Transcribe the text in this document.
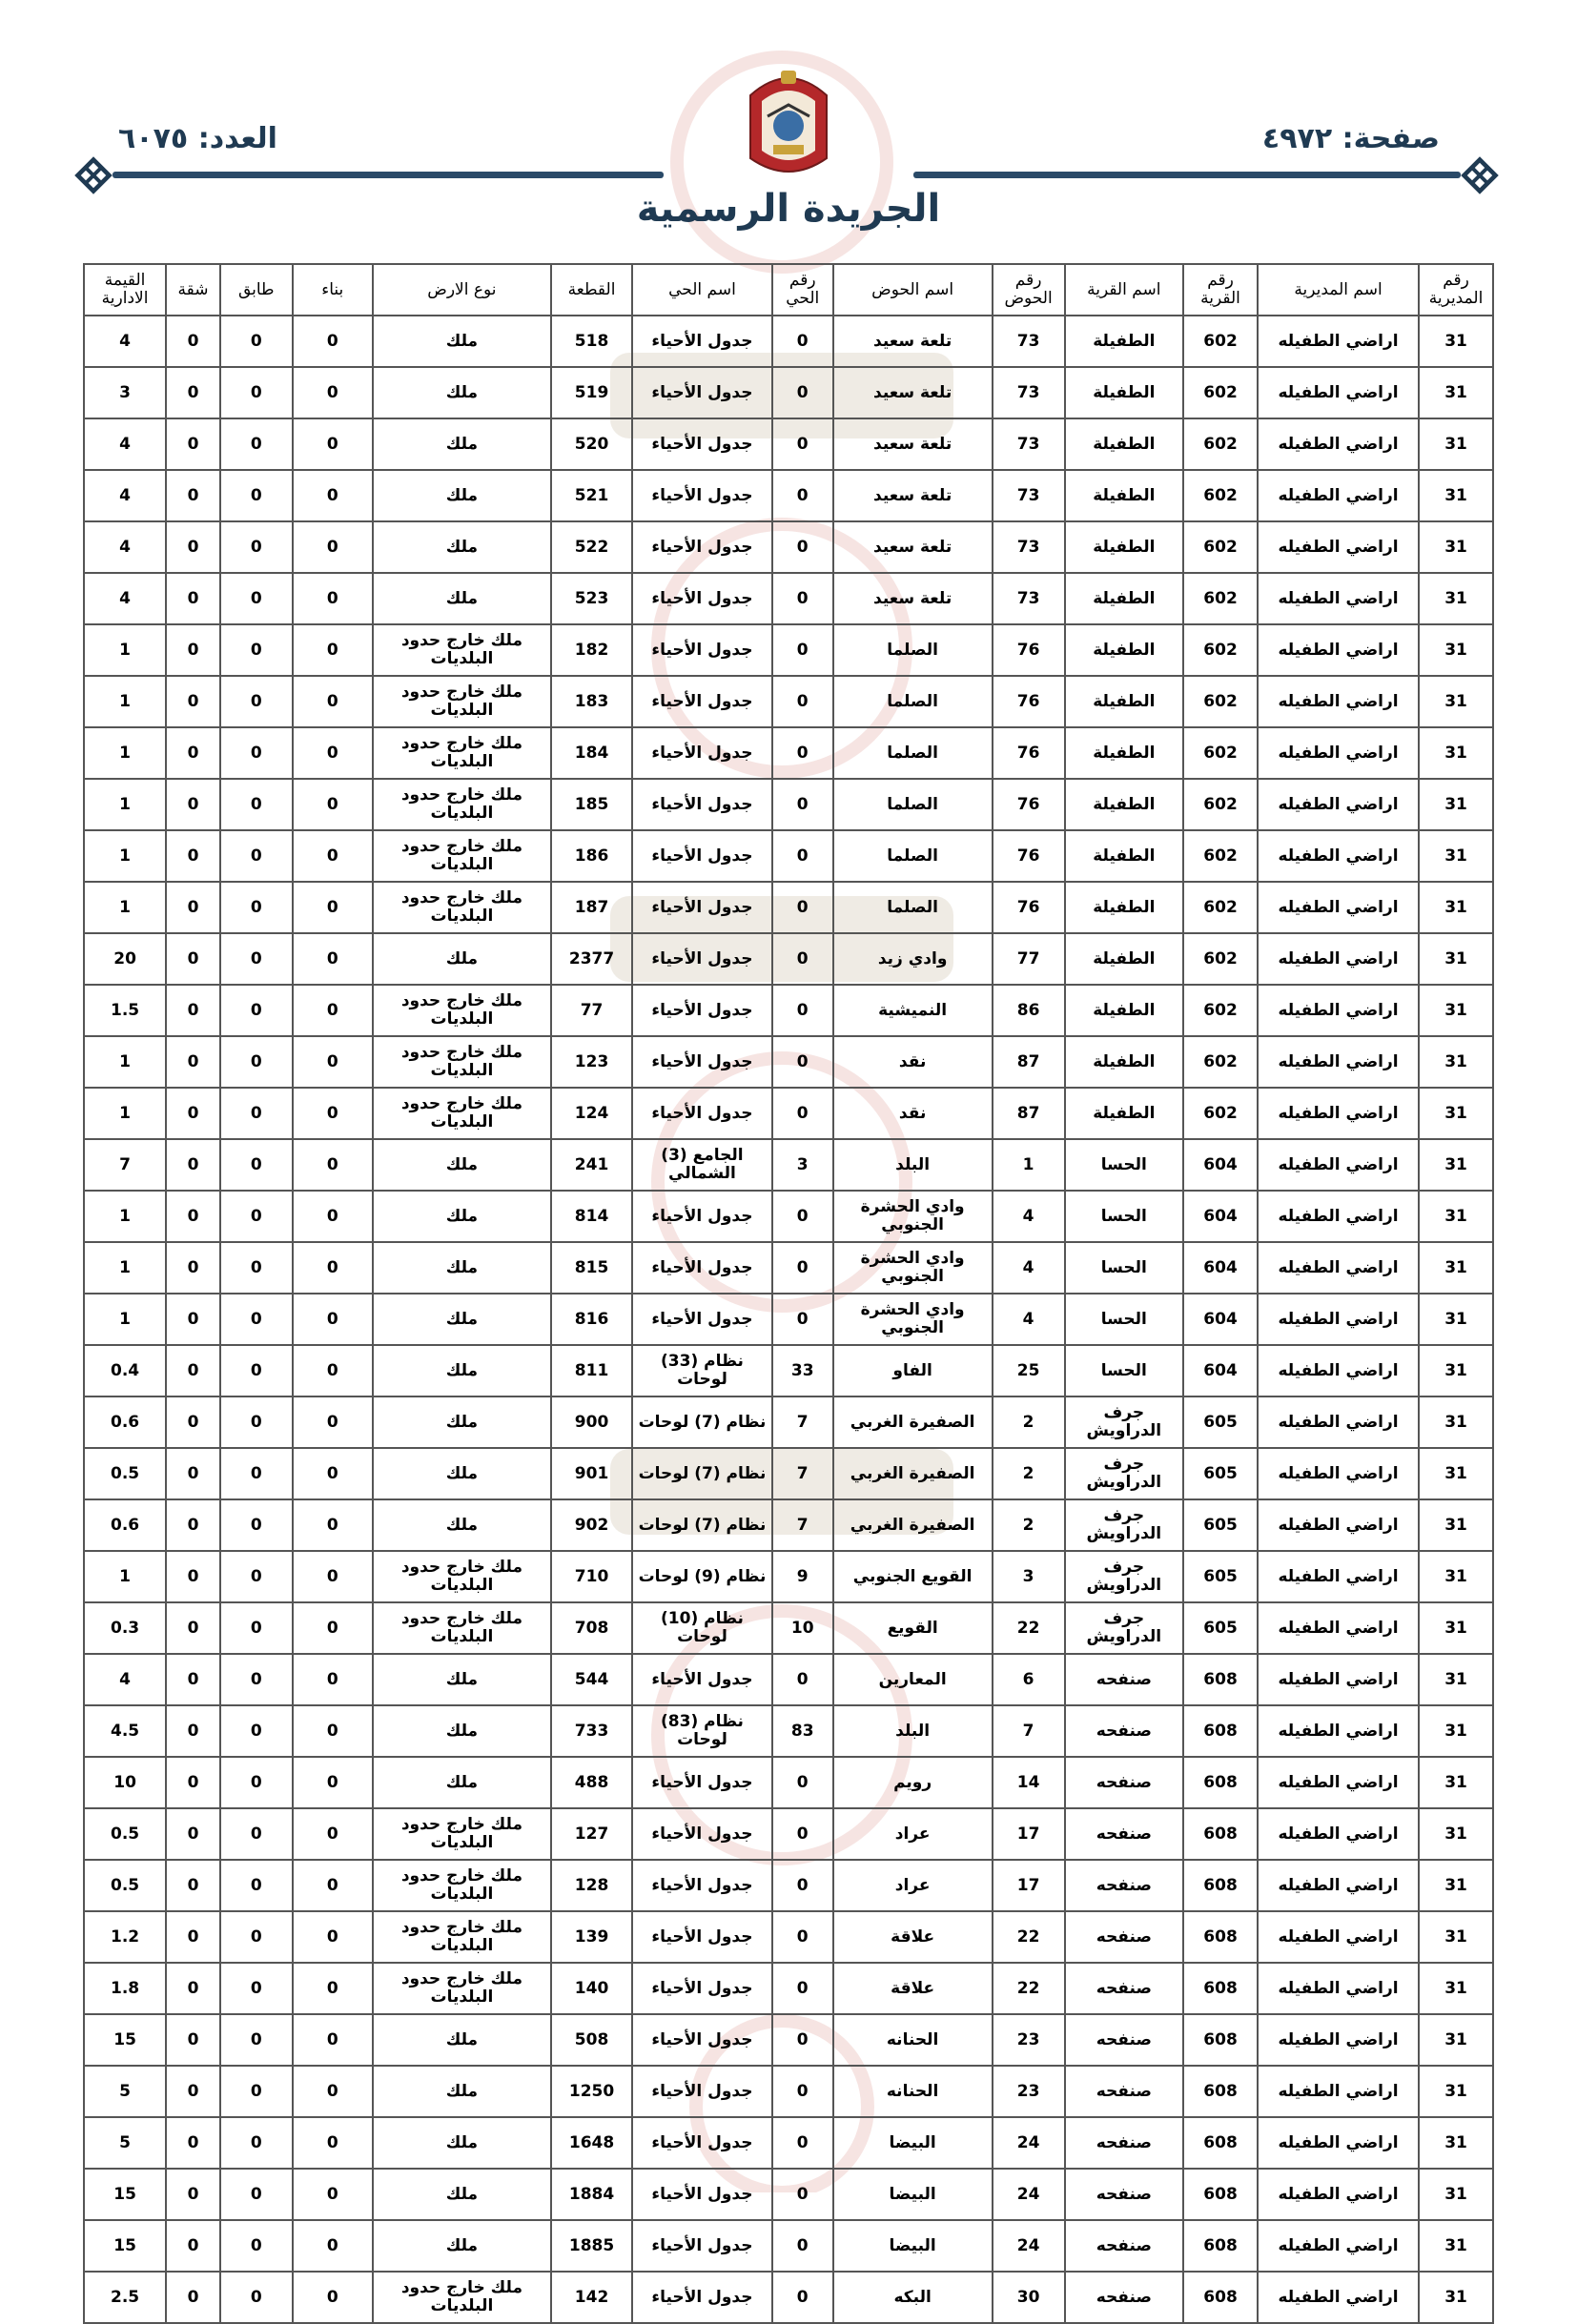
صفحة: ٤٩٧٢
العدد: ٦٠٧٥
الجريدة الرسمية
رقم المديرية	اسم المديرية	رقم القرية	اسم القرية	رقم الحوض	اسم الحوض	رقم الحي	اسم الحي	القطعة	نوع الارض	بناء	طابق	شقة	القيمة الادارية
31	اراضي الطفيله	602	الطفيلة	73	تلعة سعيد	0	جدول الأحياء	518	ملك	0	0	0	4
31	اراضي الطفيله	602	الطفيلة	73	تلعة سعيد	0	جدول الأحياء	519	ملك	0	0	0	3
31	اراضي الطفيله	602	الطفيلة	73	تلعة سعيد	0	جدول الأحياء	520	ملك	0	0	0	4
31	اراضي الطفيله	602	الطفيلة	73	تلعة سعيد	0	جدول الأحياء	521	ملك	0	0	0	4
31	اراضي الطفيله	602	الطفيلة	73	تلعة سعيد	0	جدول الأحياء	522	ملك	0	0	0	4
31	اراضي الطفيله	602	الطفيلة	73	تلعة سعيد	0	جدول الأحياء	523	ملك	0	0	0	4
31	اراضي الطفيله	602	الطفيلة	76	الصلما	0	جدول الأحياء	182	ملك خارج حدود البلديات	0	0	0	1
31	اراضي الطفيله	602	الطفيلة	76	الصلما	0	جدول الأحياء	183	ملك خارج حدود البلديات	0	0	0	1
31	اراضي الطفيله	602	الطفيلة	76	الصلما	0	جدول الأحياء	184	ملك خارج حدود البلديات	0	0	0	1
31	اراضي الطفيله	602	الطفيلة	76	الصلما	0	جدول الأحياء	185	ملك خارج حدود البلديات	0	0	0	1
31	اراضي الطفيله	602	الطفيلة	76	الصلما	0	جدول الأحياء	186	ملك خارج حدود البلديات	0	0	0	1
31	اراضي الطفيله	602	الطفيلة	76	الصلما	0	جدول الأحياء	187	ملك خارج حدود البلديات	0	0	0	1
31	اراضي الطفيله	602	الطفيلة	77	وادي زيد	0	جدول الأحياء	2377	ملك	0	0	0	20
31	اراضي الطفيله	602	الطفيلة	86	النميشية	0	جدول الأحياء	77	ملك خارج حدود البلديات	0	0	0	1.5
31	اراضي الطفيله	602	الطفيلة	87	نقد	0	جدول الأحياء	123	ملك خارج حدود البلديات	0	0	0	1
31	اراضي الطفيله	602	الطفيلة	87	نقد	0	جدول الأحياء	124	ملك خارج حدود البلديات	0	0	0	1
31	اراضي الطفيله	604	الحسا	1	البلد	3	الجامع (3) الشمالي	241	ملك	0	0	0	7
31	اراضي الطفيله	604	الحسا	4	وادي الحشرة الجنوبي	0	جدول الأحياء	814	ملك	0	0	0	1
31	اراضي الطفيله	604	الحسا	4	وادي الحشرة الجنوبي	0	جدول الأحياء	815	ملك	0	0	0	1
31	اراضي الطفيله	604	الحسا	4	وادي الحشرة الجنوبي	0	جدول الأحياء	816	ملك	0	0	0	1
31	اراضي الطفيله	604	الحسا	25	الفاو	33	نظام (33) لوحات	811	ملك	0	0	0	0.4
31	اراضي الطفيله	605	جرف الدراويش	2	الصفيرة الغربي	7	نظام (7) لوحات	900	ملك	0	0	0	0.6
31	اراضي الطفيله	605	جرف الدراويش	2	الصفيرة الغربي	7	نظام (7) لوحات	901	ملك	0	0	0	0.5
31	اراضي الطفيله	605	جرف الدراويش	2	الصفيرة الغربي	7	نظام (7) لوحات	902	ملك	0	0	0	0.6
31	اراضي الطفيله	605	جرف الدراويش	3	القويع الجنوبي	9	نظام (9) لوحات	710	ملك خارج حدود البلديات	0	0	0	1
31	اراضي الطفيله	605	جرف الدراويش	22	القويع	10	نظام (10) لوحات	708	ملك خارج حدود البلديات	0	0	0	0.3
31	اراضي الطفيله	608	صنفحه	6	المعارين	0	جدول الأحياء	544	ملك	0	0	0	4
31	اراضي الطفيله	608	صنفحه	7	البلد	83	نظام (83) لوحات	733	ملك	0	0	0	4.5
31	اراضي الطفيله	608	صنفحه	14	رويم	0	جدول الأحياء	488	ملك	0	0	0	10
31	اراضي الطفيله	608	صنفحه	17	عراد	0	جدول الأحياء	127	ملك خارج حدود البلديات	0	0	0	0.5
31	اراضي الطفيله	608	صنفحه	17	عراد	0	جدول الأحياء	128	ملك خارج حدود البلديات	0	0	0	0.5
31	اراضي الطفيله	608	صنفحه	22	علاقة	0	جدول الأحياء	139	ملك خارج حدود البلديات	0	0	0	1.2
31	اراضي الطفيله	608	صنفحه	22	علاقة	0	جدول الأحياء	140	ملك خارج حدود البلديات	0	0	0	1.8
31	اراضي الطفيله	608	صنفحه	23	الحنانه	0	جدول الأحياء	508	ملك	0	0	0	15
31	اراضي الطفيله	608	صنفحه	23	الحنانه	0	جدول الأحياء	1250	ملك	0	0	0	5
31	اراضي الطفيله	608	صنفحه	24	البيضا	0	جدول الأحياء	1648	ملك	0	0	0	5
31	اراضي الطفيله	608	صنفحه	24	البيضا	0	جدول الأحياء	1884	ملك	0	0	0	15
31	اراضي الطفيله	608	صنفحه	24	البيضا	0	جدول الأحياء	1885	ملك	0	0	0	15
31	اراضي الطفيله	608	صنفحه	30	البكه	0	جدول الأحياء	142	ملك خارج حدود البلديات	0	0	0	2.5
